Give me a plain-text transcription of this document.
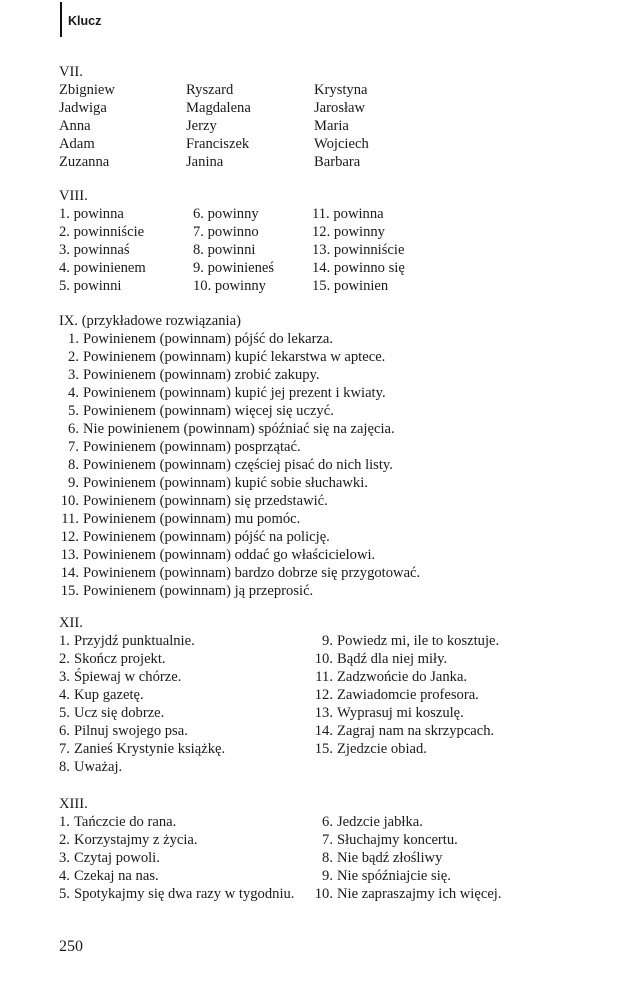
Klucz
VII.
Zbigniew	Ryszard	Krystyna
Jadwiga	Magdalena	Jarosław
Anna	Jerzy	Maria
Adam	Franciszek	Wojciech
Zuzanna	Janina	Barbara
VIII.
1. powinna	6. powinny	11. powinna
2. powinniście	7. powinno	12. powinny
3. powinnaś	8. powinni	13. powinniście
4. powinienem	9. powinieneś	14. powinno się
5. powinni	10. powinny	15. powinien
IX. (przykładowe rozwiązania)
1. Powinienem (powinnam) pójść do lekarza.
2. Powinienem (powinnam) kupić lekarstwa w aptece.
3. Powinienem (powinnam) zrobić zakupy.
4. Powinienem (powinnam) kupić jej prezent i kwiaty.
5. Powinienem (powinnam) więcej się uczyć.
6. Nie powinienem (powinnam) spóźniać się na zajęcia.
7. Powinienem (powinnam) posprzątać.
8. Powinienem (powinnam) częściej pisać do nich listy.
9. Powinienem (powinnam) kupić sobie słuchawki.
10. Powinienem (powinnam) się przedstawić.
11. Powinienem (powinnam) mu pomóc.
12. Powinienem (powinnam) pójść na policję.
13. Powinienem (powinnam) oddać go właścicielowi.
14. Powinienem (powinnam) bardzo dobrze się przygotować.
15. Powinienem (powinnam) ją przeprosić.
XII.
1. Przyjdź punktualnie.
2. Skończ projekt.
3. Śpiewaj w chórze.
4. Kup gazetę.
5. Ucz się dobrze.
6. Pilnuj swojego psa.
7. Zanieś Krystynie książkę.
8. Uważaj.
9. Powiedz mi, ile to kosztuje.
10. Bądź dla niej miły.
11. Zadzwońcie do Janka.
12. Zawiadomcie profesora.
13. Wyprasuj mi koszulę.
14. Zagraj nam na skrzypcach.
15. Zjedzcie obiad.
XIII.
1. Tańczcie do rana.
2. Korzystajmy z życia.
3. Czytaj powoli.
4. Czekaj na nas.
5. Spotykajmy się dwa razy w tygodniu.
6. Jedzcie jabłka.
7. Słuchajmy koncertu.
8. Nie bądź złośliwy
9. Nie spóźniajcie się.
10. Nie zapraszajmy ich więcej.
250
